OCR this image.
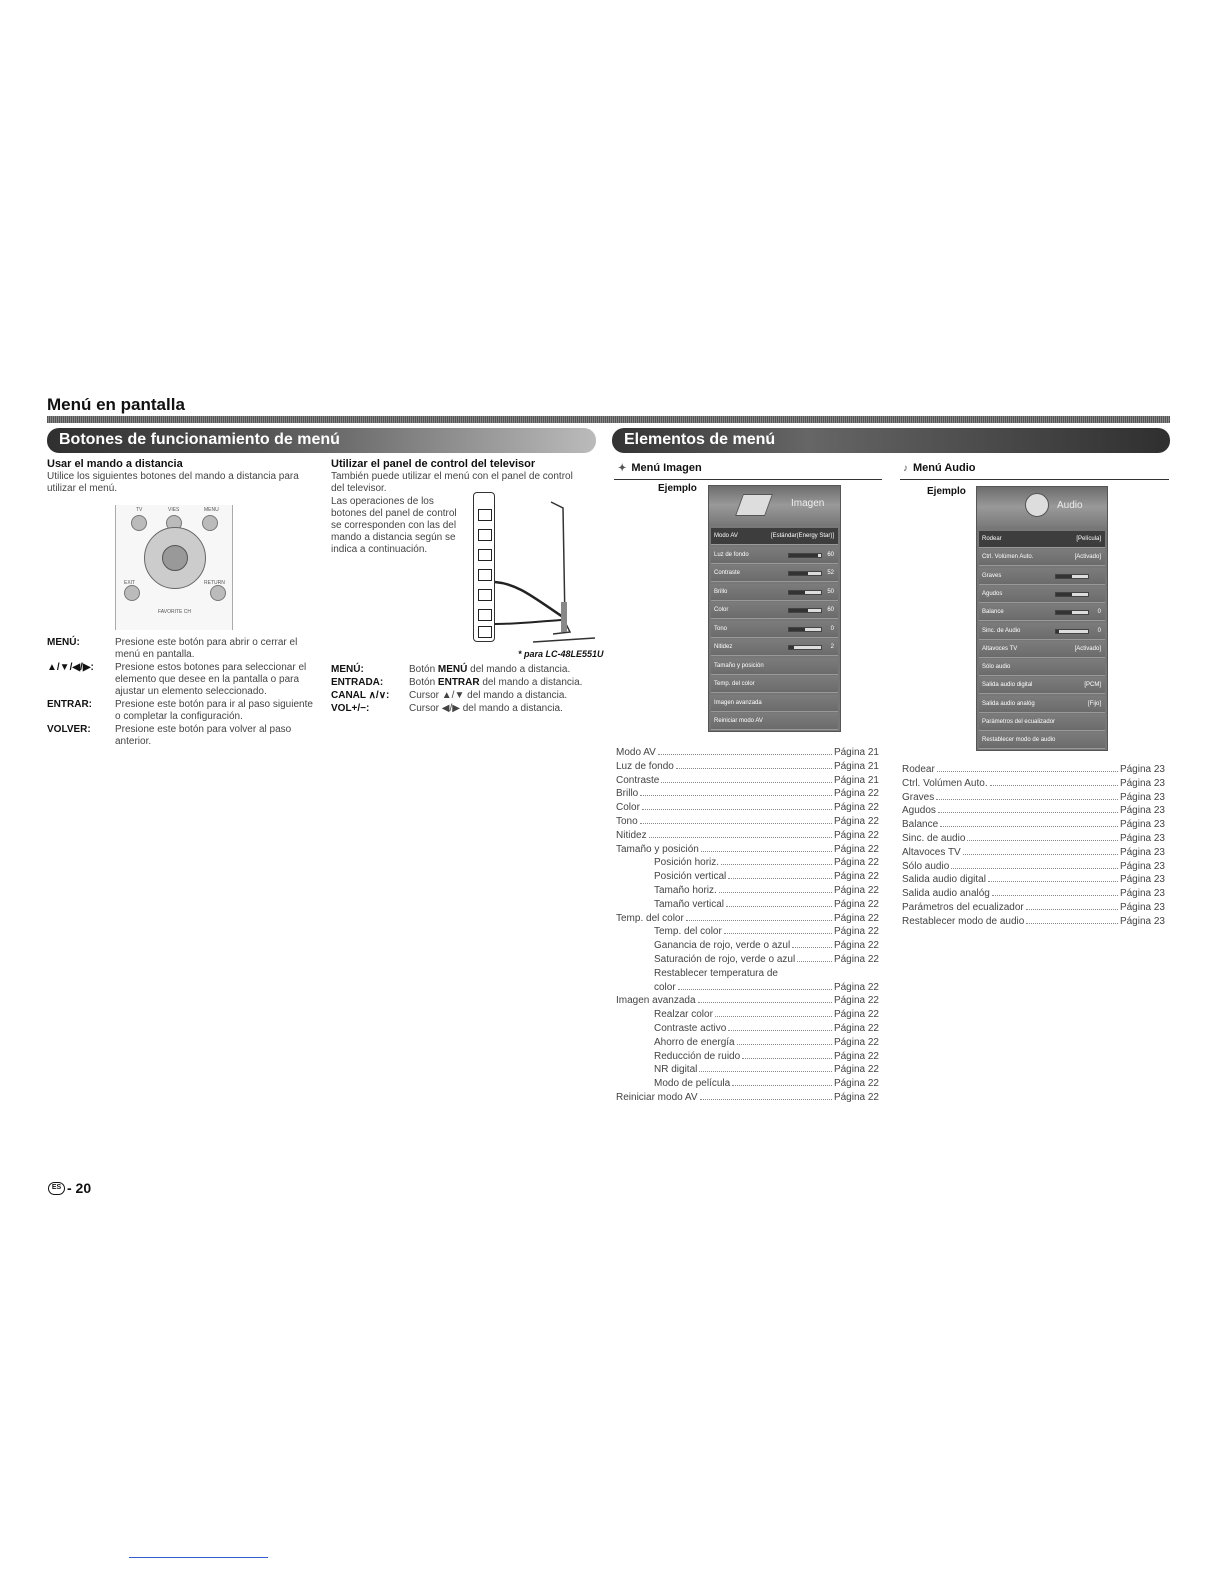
Menú en pantalla
Botones de funcionamiento de menú	Elementos de menú
Usar el mando a distancia
Utilice los siguientes botones del mando a distancia para utilizar el menú.
TV	VIES	MENU
EXIT	RETURN
FAVORITE CH
MENÚ:	Presione este botón para abrir o cerrar el menú en pantalla.
▲/▼/◀/▶:	Presione estos botones para seleccionar el elemento que desee en la pantalla o para ajustar un elemento seleccionado.
ENTRAR:	Presione este botón para ir al paso siguiente o completar la configuración.
VOLVER:	Presione este botón para volver al paso anterior.
Utilizar el panel de control del televisor
También puede utilizar el menú con el panel de control del televisor.
Las operaciones de los botones del panel de control se corresponden con las del mando a distancia según se indica a continuación.
* para LC-48LE551U
MENÚ:	Botón MENÚ del mando a distancia.
ENTRADA:	Botón ENTRAR del mando a distancia.
CANAL ∧/∨:	Cursor ▲/▼ del mando a distancia.
VOL+/−:	Cursor ◀/▶ del mando a distancia.
✦ Menú Imagen
Ejemplo
Imagen
Modo AV	[Estándar(Energy Star)]
Luz de fondo	60
Contraste	52
Brillo	50
Color	60
Tono	0
Nitidez	2
Tamaño y posición
Temp. del color
Imagen avanzada
Reiniciar modo AV
Modo AV	Página 21
Luz de fondo	Página 21
Contraste	Página 21
Brillo	Página 22
Color	Página 22
Tono	Página 22
Nitidez	Página 22
Tamaño y posición	Página 22
Posición horiz.	Página 22
Posición vertical	Página 22
Tamaño horiz.	Página 22
Tamaño vertical	Página 22
Temp. del color	Página 22
Temp. del color	Página 22
Ganancia de rojo, verde o azul	Página 22
Saturación de rojo, verde o azul	Página 22
Restablecer temperatura de
color	Página 22
Imagen avanzada	Página 22
Realzar color	Página 22
Contraste activo	Página 22
Ahorro de energía	Página 22
Reducción de ruido	Página 22
NR digital	Página 22
Modo de película	Página 22
Reiniciar modo AV	Página 22
♪ Menú Audio
Ejemplo
Audio
Rodear	[Película]
Ctrl. Volúmen Auto.	[Activado]
Graves
Agudos
Balance	0
Sinc. de Audio	0
Altavoces TV	[Activado]
Sólo audio
Salida audio digital	[PCM]
Salida audio analóg	[Fijo]
Parámetros del ecualizador
Restablecer modo de audio
Rodear	Página 23
Ctrl. Volúmen Auto.	Página 23
Graves	Página 23
Agudos	Página 23
Balance	Página 23
Sinc. de audio	Página 23
Altavoces TV	Página 23
Sólo audio	Página 23
Salida audio digital	Página 23
Salida audio analóg	Página 23
Parámetros del ecualizador	Página 23
Restablecer modo de audio	Página 23
ES - 20
